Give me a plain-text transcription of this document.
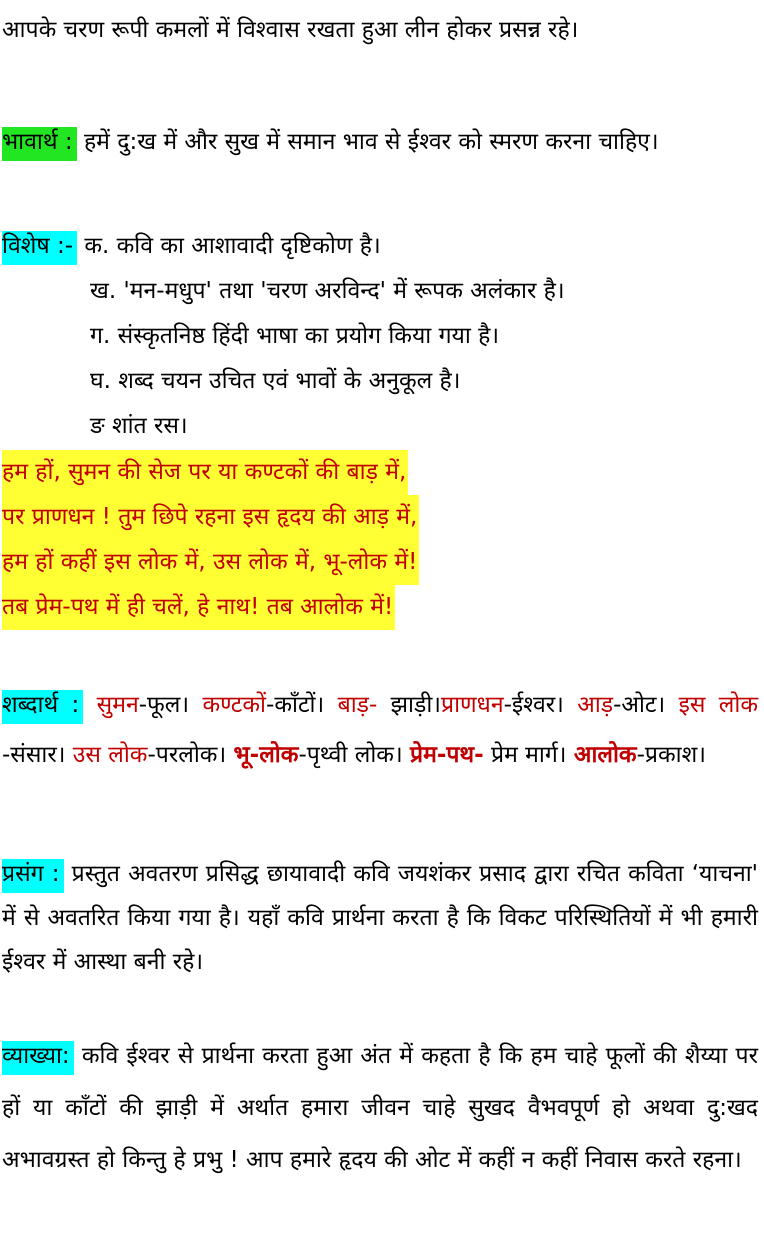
आपके चरण रूपी कमलों में विश्वास रखता हुआ लीन होकर प्रसन्न रहे।
भावार्थ : हमें दु:ख में और सुख में समान भाव से ईश्वर को स्मरण करना चाहिए।
विशेष :- क. कवि का आशावादी दृष्टिकोण है।
ख. 'मन-मधुप' तथा 'चरण अरविन्द' में रूपक अलंकार है।
ग. संस्कृतनिष्ठ हिंदी भाषा का प्रयोग किया गया है।
घ. शब्द चयन उचित एवं भावों के अनुकूल है।
ङ शांत रस।
हम हों, सुमन की सेज पर या कण्टकों की बाड़ में,
पर प्राणधन ! तुम छिपे रहना इस हृदय की आड़ में,
हम हों कहीं इस लोक में, उस लोक में, भू-लोक में!
तब प्रेम-पथ में ही चलें, हे नाथ! तब आलोक में!
शब्दार्थ : सुमन-फूल। कण्टकों-काँटों। बाड़- झाड़ी।प्राणधन-ईश्वर। आड़-ओट। इस लोक -संसार। उस लोक-परलोक। भू-लोक-पृथ्वी लोक। प्रेम-पथ- प्रेम मार्ग। आलोक-प्रकाश।
प्रसंग : प्रस्तुत अवतरण प्रसिद्ध छायावादी कवि जयशंकर प्रसाद द्वारा रचित कविता ‘याचना' में से अवतरित किया गया है। यहाँ कवि प्रार्थना करता है कि विकट परिस्थितियों में भी हमारी ईश्वर में आस्था बनी रहे।
व्याख्या: कवि ईश्वर से प्रार्थना करता हुआ अंत में कहता है कि हम चाहे फूलों की शैय्या पर हों या काँटों की झाड़ी में अर्थात हमारा जीवन चाहे सुखद वैभवपूर्ण हो अथवा दु:खद अभावग्रस्त हो किन्तु हे प्रभु ! आप हमारे हृदय की ओट में कहीं न कहीं निवास करते रहना।
